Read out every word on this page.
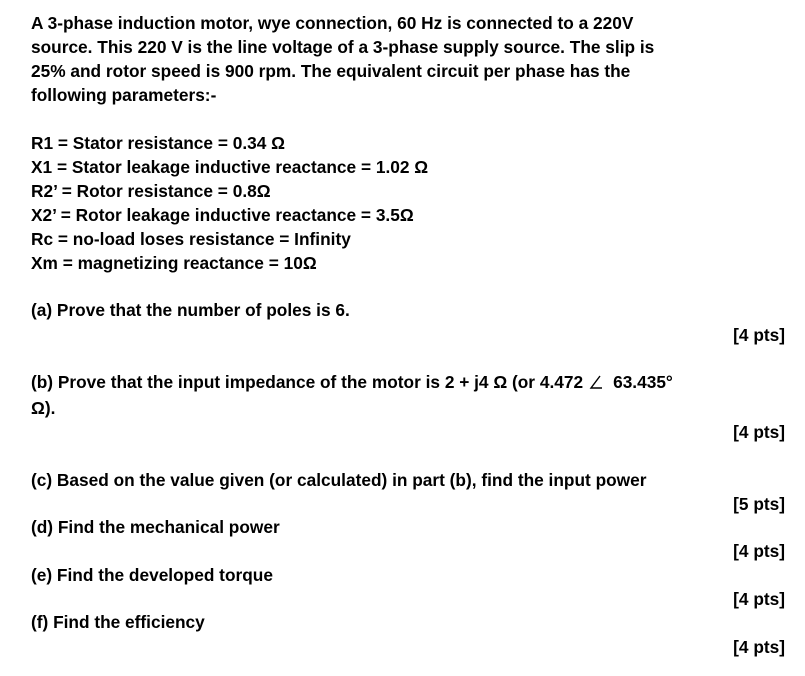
A 3-phase induction motor, wye connection, 60 Hz is connected to a 220V
source. This 220 V is the line voltage of a 3-phase supply source. The slip is
25% and rotor speed is 900 rpm. The equivalent circuit per phase has the
following parameters:-
R1 = Stator resistance = 0.34 Ω
X1 = Stator leakage inductive reactance = 1.02 Ω
R2’ = Rotor resistance = 0.8Ω
X2’ = Rotor leakage inductive reactance = 3.5Ω
Rc = no-load loses resistance = Infinity
Xm = magnetizing reactance = 10Ω
(a) Prove that the number of poles is 6.
[4 pts]
(b) Prove that the input impedance of the motor is 2 + j4 Ω (or 4.472 63.435°
Ω).
[4 pts]
(c) Based on the value given (or calculated) in part (b), find the input power
[5 pts]
(d) Find the mechanical power
[4 pts]
(e) Find the developed torque
[4 pts]
(f) Find the efficiency
[4 pts]
